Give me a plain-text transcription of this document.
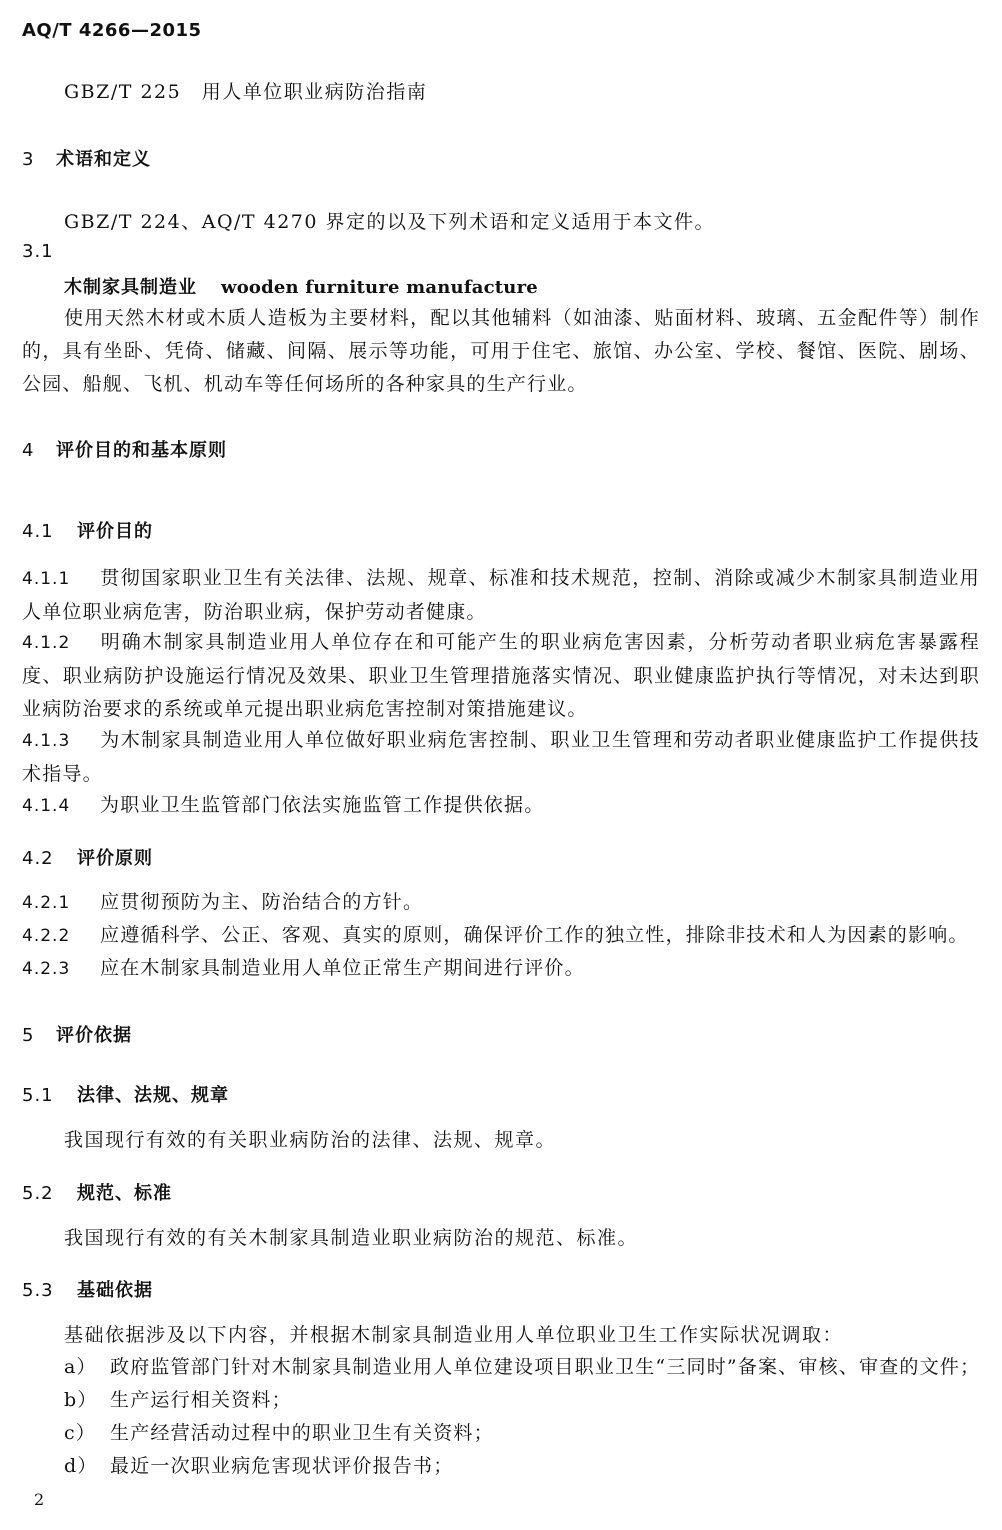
AQ/T 4266—2015
GBZ/T 225　用人单位职业病防治指南
3 术语和定义
GBZ/T 224、AQ/T 4270 界定的以及下列术语和定义适用于本文件。
3.1
木制家具制造业 wooden furniture manufacture
使用天然木材或木质人造板为主要材料，配以其他辅料（如油漆、贴面材料、玻璃、五金配件等）制作的，具有坐卧、凭倚、储藏、间隔、展示等功能，可用于住宅、旅馆、办公室、学校、餐馆、医院、剧场、公园、船舰、飞机、机动车等任何场所的各种家具的生产行业。
4 评价目的和基本原则
4.1 评价目的
4.1.1 贯彻国家职业卫生有关法律、法规、规章、标准和技术规范，控制、消除或减少木制家具制造业用人单位职业病危害，防治职业病，保护劳动者健康。
4.1.2 明确木制家具制造业用人单位存在和可能产生的职业病危害因素，分析劳动者职业病危害暴露程度、职业病防护设施运行情况及效果、职业卫生管理措施落实情况、职业健康监护执行等情况，对未达到职业病防治要求的系统或单元提出职业病危害控制对策措施建议。
4.1.3 为木制家具制造业用人单位做好职业病危害控制、职业卫生管理和劳动者职业健康监护工作提供技术指导。
4.1.4 为职业卫生监管部门依法实施监管工作提供依据。
4.2 评价原则
4.2.1 应贯彻预防为主、防治结合的方针。
4.2.2 应遵循科学、公正、客观、真实的原则，确保评价工作的独立性，排除非技术和人为因素的影响。
4.2.3 应在木制家具制造业用人单位正常生产期间进行评价。
5 评价依据
5.1 法律、法规、规章
我国现行有效的有关职业病防治的法律、法规、规章。
5.2 规范、标准
我国现行有效的有关木制家具制造业职业病防治的规范、标准。
5.3 基础依据
基础依据涉及以下内容，并根据木制家具制造业用人单位职业卫生工作实际状况调取：
a） 政府监管部门针对木制家具制造业用人单位建设项目职业卫生“三同时”备案、审核、审查的文件；
b） 生产运行相关资料；
c） 生产经营活动过程中的职业卫生有关资料；
d） 最近一次职业病危害现状评价报告书；
2
